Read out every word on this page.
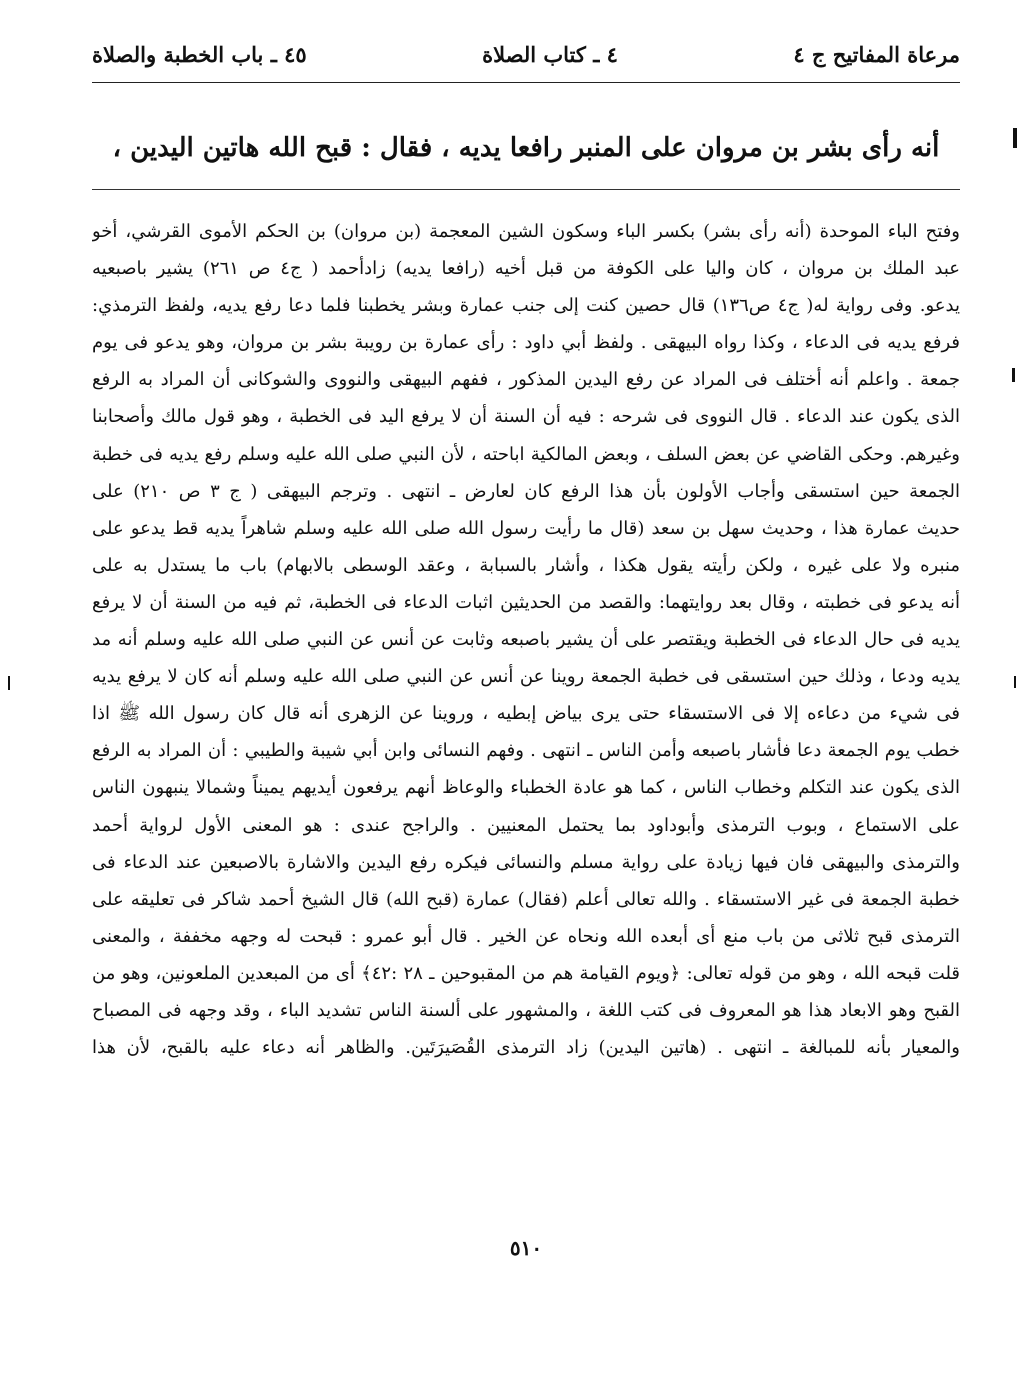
مرعاة المفاتيح ج ٤
٤ ـ كتاب الصلاة
٤٥ ـ باب الخطبة والصلاة
أنه رأى بشر بن مروان على المنبر رافعا يديه ، فقال : قبح الله هاتين اليدين ،
وفتح الباء الموحدة (أنه رأى بشر) بكسر الباء وسكون الشين المعجمة (بن مروان) بن الحكم الأموى القرشي، أخو
عبد الملك بن مروان ، كان واليا على الكوفة من قبل أخيه (رافعا يديه) زادأحمد ( ج٤ ص ٢٦١) يشير باصبعيه
يدعو. وفى رواية له( ج٤ ص١٣٦) قال حصين كنت إلى جنب عمارة وبشر يخطبنا فلما دعا رفع يديه، ولفظ الترمذي:
فرفع يديه فى الدعاء ، وكذا رواه البيهقى . ولفظ أبي داود : رأى عمارة بن رويبة بشر بن مروان، وهو يدعو فى يوم
جمعة . واعلم أنه أختلف فى المراد عن رفع اليدين المذكور ، ففهم البيهقى والنووى والشوكانى أن المراد به الرفع
الذى يكون عند الدعاء . قال النووى فى شرحه : فيه أن السنة أن لا يرفع اليد فى الخطبة ، وهو قول مالك وأصحابنا
وغيرهم. وحكى القاضي عن بعض السلف ، وبعض المالكية اباحته ، لأن النبي صلى الله عليه وسلم رفع يديه فى خطبة
الجمعة حين استسقى وأجاب الأولون بأن هذا الرفع كان لعارض ـ انتهى . وترجم البيهقى ( ج ٣ ص ٢١٠) على
حديث عمارة هذا ، وحديث سهل بن سعد (قال ما رأيت رسول الله صلى الله عليه وسلم شاهراً يديه قط يدعو على
منبره ولا على غيره ، ولكن رأيته يقول هكذا ، وأشار بالسبابة ، وعقد الوسطى بالابهام) باب ما يستدل به على
أنه يدعو فى خطبته ، وقال بعد روايتهما: والقصد من الحديثين اثبات الدعاء فى الخطبة، ثم فيه من السنة أن لا يرفع
يديه فى حال الدعاء فى الخطبة ويقتصر على أن يشير باصبعه وثابت عن أنس عن النبي صلى الله عليه وسلم أنه مد
يديه ودعا ، وذلك حين استسقى فى خطبة الجمعة روينا عن أنس عن النبي صلى الله عليه وسلم أنه كان لا يرفع يديه
فى شيء من دعاءه إلا فى الاستسقاء حتى يرى بياض إبطيه ، وروينا عن الزهرى أنه قال كان رسول الله ﷺ اذا
خطب يوم الجمعة دعا فأشار باصبعه وأمن الناس ـ انتهى . وفهم النسائى وابن أبي شيبة والطيبي : أن المراد به الرفع
الذى يكون عند التكلم وخطاب الناس ، كما هو عادة الخطباء والوعاظ أنهم يرفعون أيديهم يميناً وشمالا ينبهون الناس
على الاستماع ، وبوب الترمذى وأبوداود بما يحتمل المعنيين . والراجح عندى : هو المعنى الأول لرواية أحمد
والترمذى والبيهقى فان فيها زيادة على رواية مسلم والنسائى فيكره رفع اليدين والاشارة بالاصبعين عند الدعاء فى
خطبة الجمعة فى غير الاستسقاء . والله تعالى أعلم (فقال) عمارة (قبح الله) قال الشيخ أحمد شاكر فى تعليقه على
الترمذى قبح ثلاثى من باب منع أى أبعده الله ونحاه عن الخير . قال أبو عمرو : قبحت له وجهه مخففة ، والمعنى
قلت قبحه الله ، وهو من قوله تعالى: ﴿ويوم القيامة هم من المقبوحين ـ ٢٨ :٤٢﴾ أى من المبعدين الملعونين، وهو من
القبح وهو الابعاد هذا هو المعروف فى كتب اللغة ، والمشهور على ألسنة الناس تشديد الباء ، وقد وجهه فى المصباح
والمعيار بأنه للمبالغة ـ انتهى . (هاتين اليدين) زاد الترمذى القُصَيرَتَين. والظاهر أنه دعاء عليه بالقبح، لأن هذا
٥١٠
